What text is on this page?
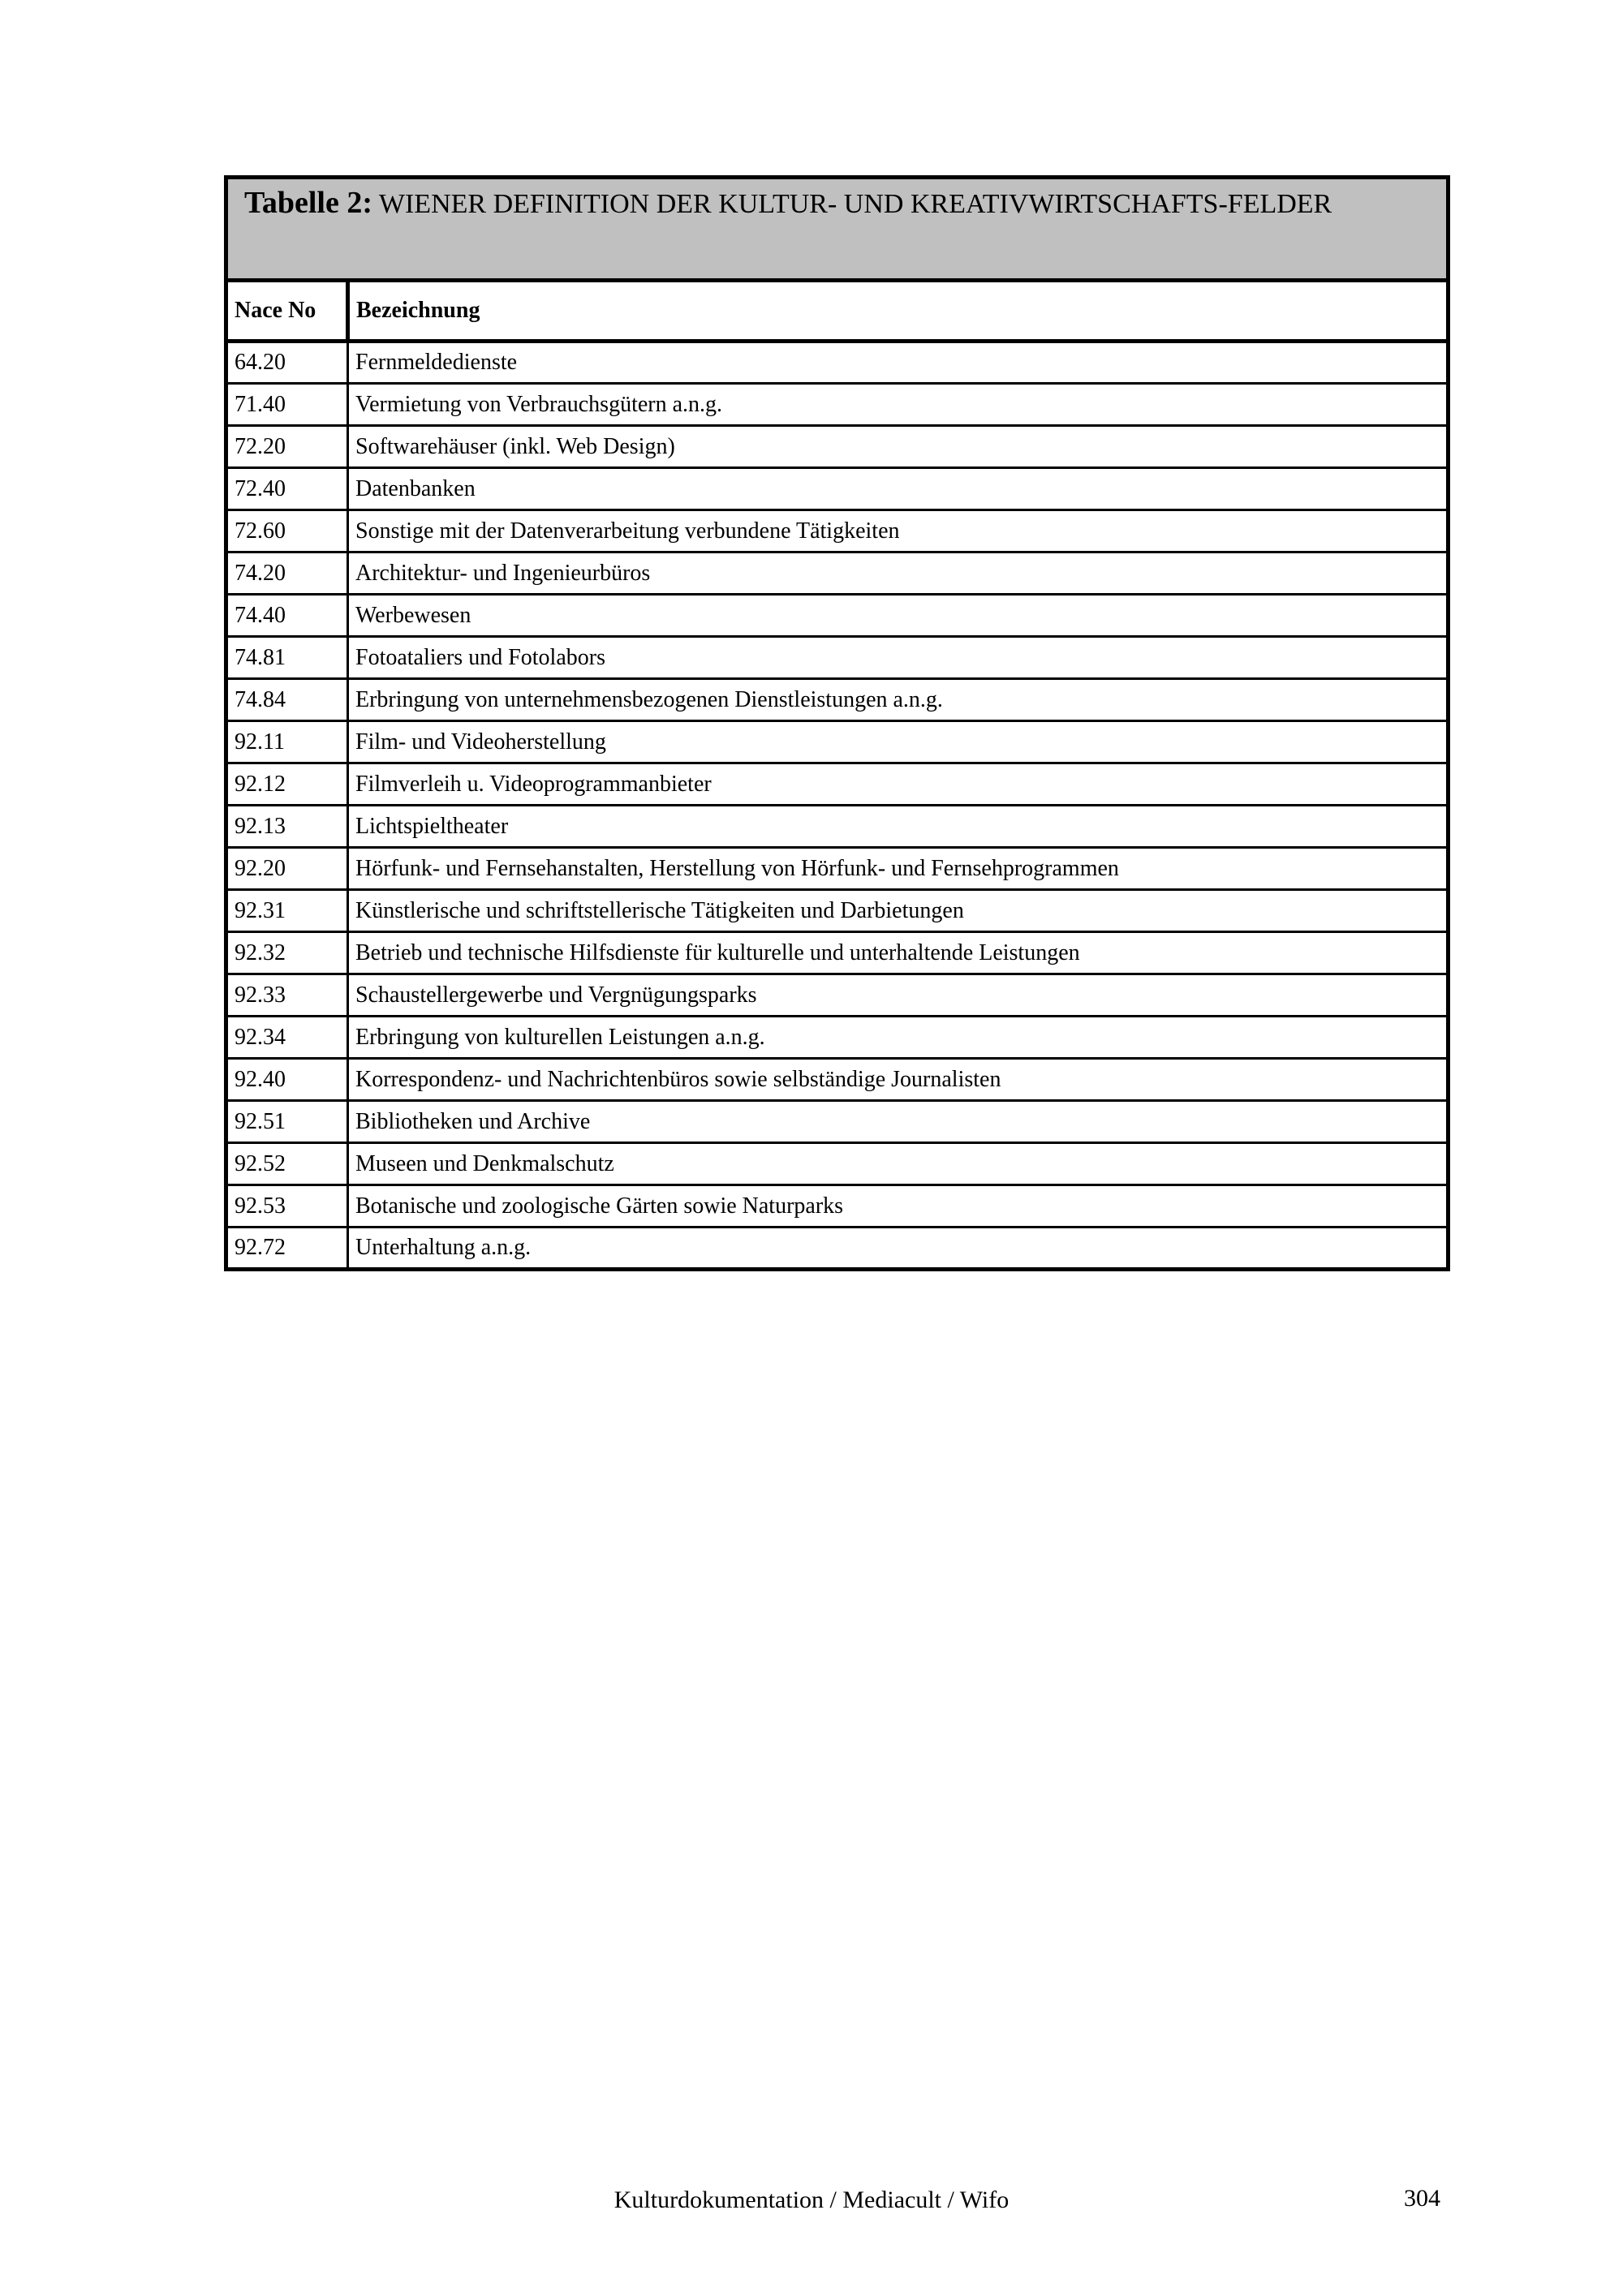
Tabelle 2: WIENER DEFINITION DER KULTUR- UND KREATIVWIRTSCHAFTS-FELDER	
Nace No	Bezeichnung
64.20	Fernmeldedienste
71.40	Vermietung von Verbrauchsgütern a.n.g.
72.20	Softwarehäuser (inkl. Web Design)
72.40	Datenbanken
72.60	Sonstige mit der Datenverarbeitung verbundene Tätigkeiten
74.20	Architektur- und Ingenieurbüros
74.40	Werbewesen
74.81	Fotoataliers und Fotolabors
74.84	Erbringung von unternehmensbezogenen Dienstleistungen a.n.g.
92.11	Film- und Videoherstellung
92.12	Filmverleih u. Videoprogrammanbieter
92.13	Lichtspieltheater
92.20	Hörfunk- und Fernsehanstalten, Herstellung von Hörfunk- und Fernsehprogrammen
92.31	Künstlerische und schriftstellerische Tätigkeiten und Darbietungen
92.32	Betrieb und technische Hilfsdienste für kulturelle und unterhaltende Leistungen
92.33	Schaustellergewerbe und Vergnügungsparks
92.34	Erbringung von kulturellen Leistungen a.n.g.
92.40	Korrespondenz- und Nachrichtenbüros sowie selbständige Journalisten
92.51	Bibliotheken und Archive
92.52	Museen und Denkmalschutz
92.53	Botanische und zoologische Gärten sowie Naturparks
92.72	Unterhaltung a.n.g.
Kulturdokumentation / Mediacult / Wifo	304
